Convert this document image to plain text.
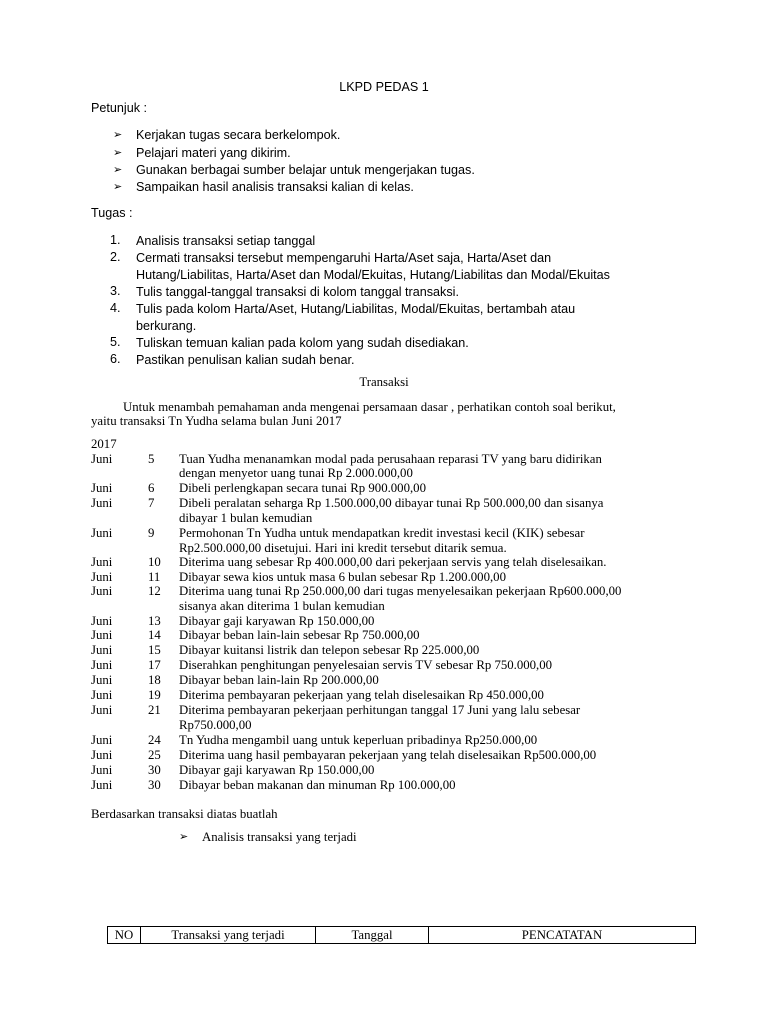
LKPD PEDAS 1
Petunjuk :
➢ Kerjakan tugas secara berkelompok.
➢ Pelajari materi yang dikirim.
➢ Gunakan berbagai sumber belajar untuk mengerjakan tugas.
➢ Sampaikan hasil analisis transaksi kalian di kelas.
Tugas :
1.	Analisis transaksi setiap tanggal
2.	Cermati transaksi tersebut mempengaruhi Harta/Aset saja, Harta/Aset dan
Hutang/Liabilitas, Harta/Aset dan Modal/Ekuitas, Hutang/Liabilitas dan Modal/Ekuitas
3.	Tulis tanggal-tanggal transaksi di kolom tanggal transaksi.
4.	Tulis pada kolom Harta/Aset, Hutang/Liabilitas, Modal/Ekuitas, bertambah atau
berkurang.
5.	Tuliskan temuan kalian pada kolom yang sudah disediakan.
6.	Pastikan penulisan kalian sudah benar.
Transaksi
Untuk menambah pemahaman anda mengenai persamaan dasar , perhatikan contoh soal berikut,
yaitu transaksi Tn Yudha selama bulan Juni 2017
2017
Juni	5	Tuan Yudha menanamkan modal pada perusahaan reparasi TV yang baru didirikan
dengan menyetor uang tunai Rp 2.000.000,00
Juni	6	Dibeli perlengkapan secara tunai Rp 900.000,00
Juni	7	Dibeli peralatan seharga Rp 1.500.000,00 dibayar tunai Rp 500.000,00 dan sisanya
dibayar 1 bulan kemudian
Juni	9	Permohonan Tn Yudha untuk mendapatkan kredit investasi kecil (KIK) sebesar
Rp2.500.000,00 disetujui. Hari ini kredit tersebut ditarik semua.
Juni	10	Diterima uang sebesar Rp 400.000,00 dari pekerjaan servis yang telah diselesaikan.
Juni	11	Dibayar sewa kios untuk masa 6 bulan sebesar Rp 1.200.000,00
Juni	12	Diterima uang tunai Rp 250.000,00 dari tugas menyelesaikan pekerjaan Rp600.000,00
sisanya akan diterima 1 bulan kemudian
Juni	13	Dibayar gaji karyawan Rp 150.000,00
Juni	14	Dibayar beban lain-lain sebesar Rp 750.000,00
Juni	15	Dibayar kuitansi listrik dan telepon sebesar Rp 225.000,00
Juni	17	Diserahkan penghitungan penyelesaian servis TV sebesar Rp 750.000,00
Juni	18	Dibayar beban lain-lain Rp 200.000,00
Juni	19	Diterima pembayaran pekerjaan yang telah diselesaikan Rp 450.000,00
Juni	21	Diterima pembayaran pekerjaan perhitungan tanggal 17 Juni yang lalu sebesar
Rp750.000,00
Juni	24	Tn Yudha mengambil uang untuk keperluan pribadinya Rp250.000,00
Juni	25	Diterima uang hasil pembayaran pekerjaan yang telah diselesaikan Rp500.000,00
Juni	30	Dibayar gaji karyawan Rp 150.000,00
Juni	30	Dibayar beban makanan dan minuman Rp 100.000,00
Berdasarkan transaksi diatas buatlah
➢ Analisis transaksi yang terjadi
NO	Transaksi yang terjadi	Tanggal	PENCATATAN
